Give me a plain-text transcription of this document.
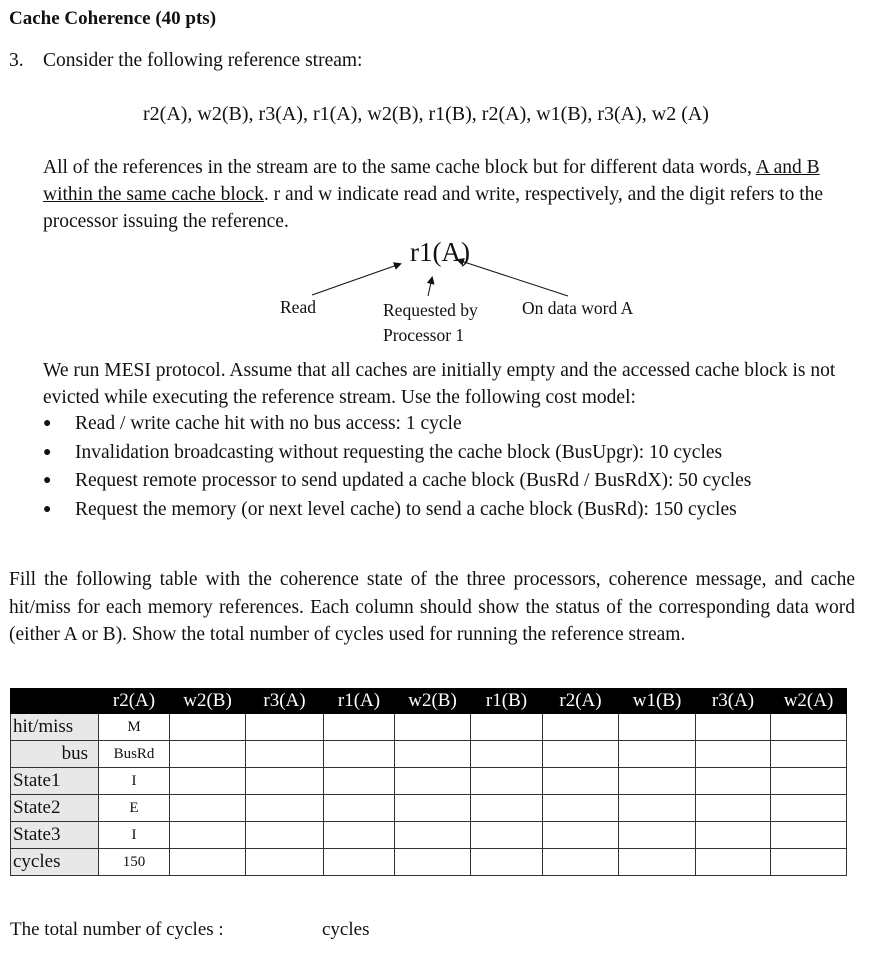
Cache Coherence (40 pts)
3. Consider the following reference stream:
r2(A), w2(B), r3(A), r1(A), w2(B), r1(B), r2(A), w1(B), r3(A), w2 (A)
All of the references in the stream are to the same cache block but for different data words, A and B within the same cache block. r and w indicate read and write, respectively, and the digit refers to the processor issuing the reference.
r1(A)
Read	Requested by
Processor 1
On data word A
We run MESI protocol. Assume that all caches are initially empty and the accessed cache block is not evicted while executing the reference stream. Use the following cost model:
● Read / write cache hit with no bus access: 1 cycle
● Invalidation broadcasting without requesting the cache block (BusUpgr): 10 cycles
● Request remote processor to send updated a cache block (BusRd / BusRdX): 50 cycles
● Request the memory (or next level cache) to send a cache block (BusRd): 150 cycles
Fill the following table with the coherence state of the three processors, coherence message, and cache hit/miss for each memory references. Each column should show the status of the corresponding data word (either A or B). Show the total number of cycles used for running the reference stream.
	r2(A)	w2(B)	r3(A)	r1(A)	w2(B)	r1(B)	r2(A)	w1(B)	r3(A)	w2(A)
hit/miss	M									
bus	BusRd									
State1	I									
State2	E									
State3	I									
cycles	150									
The total number of cycles :	cycles
